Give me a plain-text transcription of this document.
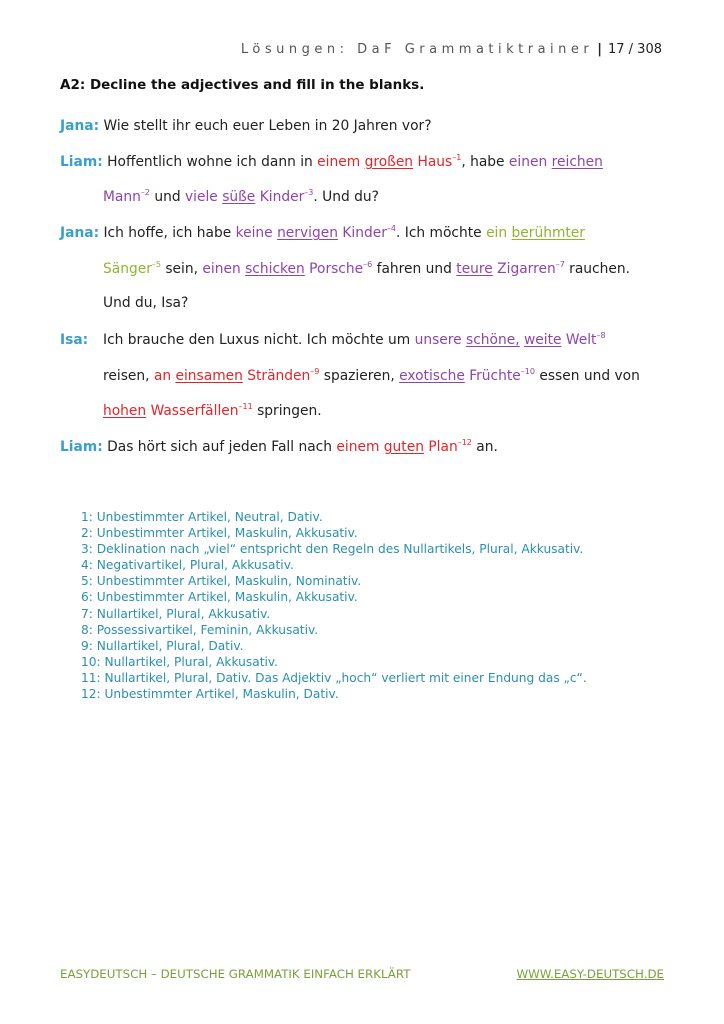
Lösungen: DaF Grammatiktrainer | 17 / 308
A2: Decline the adjectives and fill in the blanks.
Jana: Wie stellt ihr euch euer Leben in 20 Jahren vor?
Liam: Hoffentlich wohne ich dann in einem großen Haus$^{-1}$, habe einen reichen
Mann$^{-2}$ und viele süße Kinder$^{-3}$. Und du?
Jana: Ich hoffe, ich habe keine nervigen Kinder$^{-4}$. Ich möchte ein berühmter
Sänger$^{-5}$ sein, einen schicken Porsche$^{-6}$ fahren und teure Zigarren$^{-7}$ rauchen.
Und du, Isa?
Isa: Ich brauche den Luxus nicht. Ich möchte um unsere schöne, weite Welt$^{-8}$
reisen, an einsamen Stränden$^{-9}$ spazieren, exotische Früchte$^{-10}$ essen und von
hohen Wasserfällen$^{-11}$ springen.
Liam: Das hört sich auf jeden Fall nach einem guten Plan$^{-12}$ an.
1: Unbestimmter Artikel, Neutral, Dativ.
2: Unbestimmter Artikel, Maskulin, Akkusativ.
3: Deklination nach „viel“ entspricht den Regeln des Nullartikels, Plural, Akkusativ.
4: Negativartikel, Plural, Akkusativ.
5: Unbestimmter Artikel, Maskulin, Nominativ.
6: Unbestimmter Artikel, Maskulin, Akkusativ.
7: Nullartikel, Plural, Akkusativ.
8: Possessivartikel, Feminin, Akkusativ.
9: Nullartikel, Plural, Dativ.
10: Nullartikel, Plural, Akkusativ.
11: Nullartikel, Plural, Dativ. Das Adjektiv „hoch“ verliert mit einer Endung das „c“.
12: Unbestimmter Artikel, Maskulin, Dativ.
EASYDEUTSCH – DEUTSCHE GRAMMATIK EINFACH ERKLÄRT	WWW.EASY-DEUTSCH.DE
